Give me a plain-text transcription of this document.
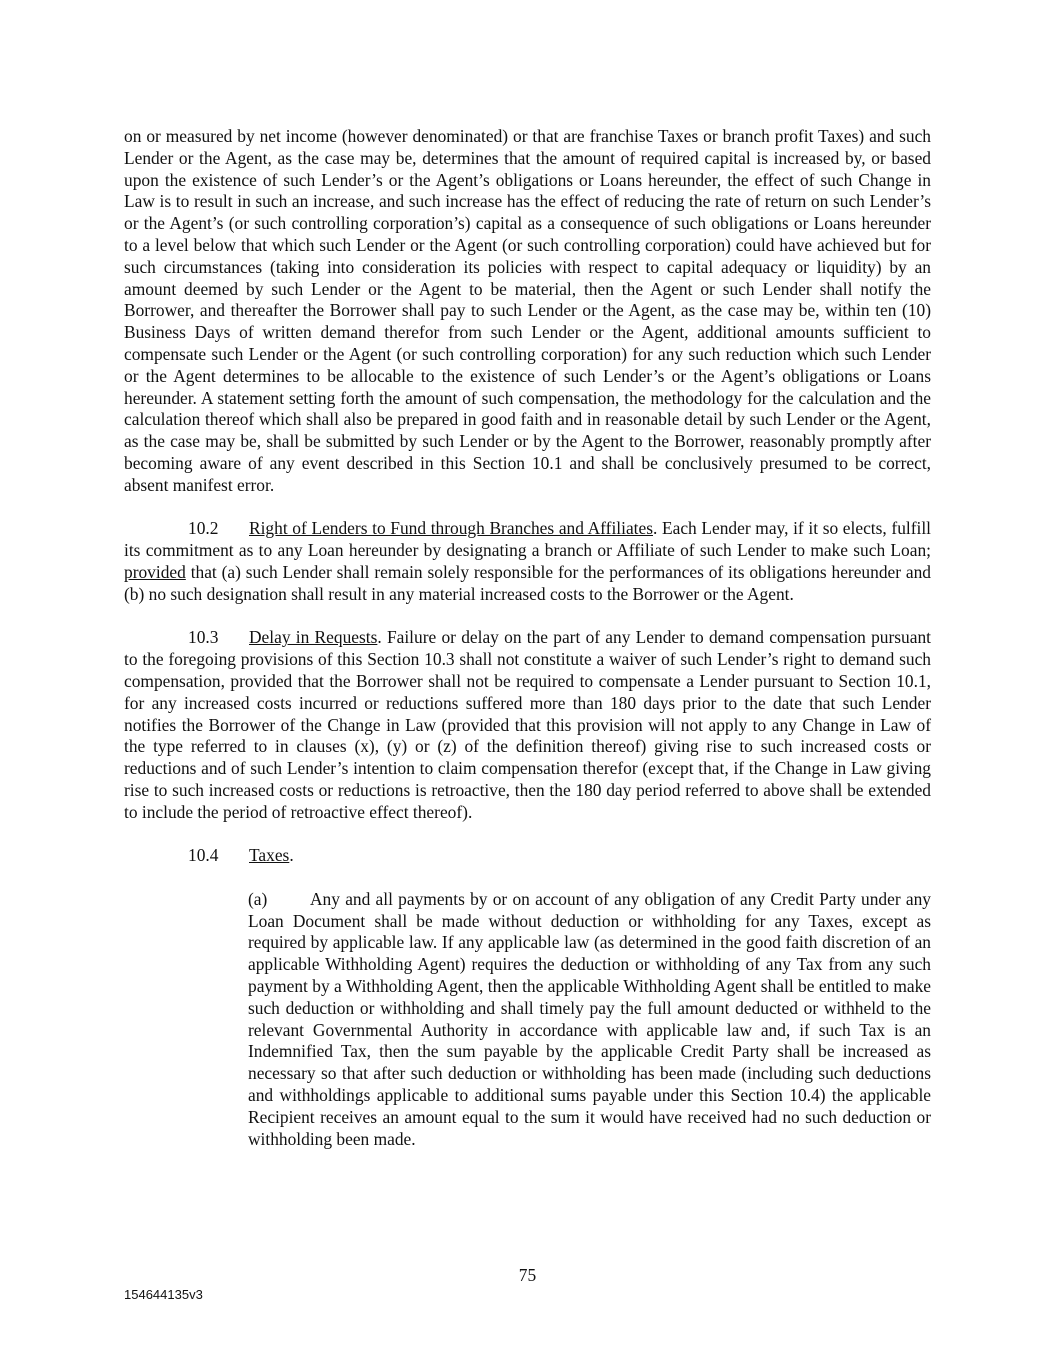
on or measured by net income (however denominated) or that are franchise Taxes or branch profit Taxes) and such Lender or the Agent, as the case may be, determines that the amount of required capital is increased by, or based upon the existence of such Lender’s or the Agent’s obligations or Loans hereunder, the effect of such Change in Law is to result in such an increase, and such increase has the effect of reducing the rate of return on such Lender’s or the Agent’s (or such controlling corporation’s) capital as a consequence of such obligations or Loans hereunder to a level below that which such Lender or the Agent (or such controlling corporation) could have achieved but for such circumstances (taking into consideration its policies with respect to capital adequacy or liquidity) by an amount deemed by such Lender or the Agent to be material, then the Agent or such Lender shall notify the Borrower, and thereafter the Borrower shall pay to such Lender or the Agent, as the case may be, within ten (10) Business Days of written demand therefor from such Lender or the Agent, additional amounts sufficient to compensate such Lender or the Agent (or such controlling corporation) for any such reduction which such Lender or the Agent determines to be allocable to the existence of such Lender’s or the Agent’s obligations or Loans hereunder. A statement setting forth the amount of such compensation, the methodology for the calculation and the calculation thereof which shall also be prepared in good faith and in reasonable detail by such Lender or the Agent, as the case may be, shall be submitted by such Lender or by the Agent to the Borrower, reasonably promptly after becoming aware of any event described in this Section 10.1 and shall be conclusively presumed to be correct, absent manifest error.

10.2 Right of Lenders to Fund through Branches and Affiliates. Each Lender may, if it so elects, fulfill its commitment as to any Loan hereunder by designating a branch or Affiliate of such Lender to make such Loan; provided that (a) such Lender shall remain solely responsible for the performances of its obligations hereunder and (b) no such designation shall result in any material increased costs to the Borrower or the Agent.

10.3 Delay in Requests. Failure or delay on the part of any Lender to demand compensation pursuant to the foregoing provisions of this Section 10.3 shall not constitute a waiver of such Lender’s right to demand such compensation, provided that the Borrower shall not be required to compensate a Lender pursuant to Section 10.1, for any increased costs incurred or reductions suffered more than 180 days prior to the date that such Lender notifies the Borrower of the Change in Law (provided that this provision will not apply to any Change in Law of the type referred to in clauses (x), (y) or (z) of the definition thereof) giving rise to such increased costs or reductions and of such Lender’s intention to claim compensation therefor (except that, if the Change in Law giving rise to such increased costs or reductions is retroactive, then the 180 day period referred to above shall be extended to include the period of retroactive effect thereof).

10.4 Taxes.

(a) Any and all payments by or on account of any obligation of any Credit Party under any Loan Document shall be made without deduction or withholding for any Taxes, except as required by applicable law. If any applicable law (as determined in the good faith discretion of an applicable Withholding Agent) requires the deduction or withholding of any Tax from any such payment by a Withholding Agent, then the applicable Withholding Agent shall be entitled to make such deduction or withholding and shall timely pay the full amount deducted or withheld to the relevant Governmental Authority in accordance with applicable law and, if such Tax is an Indemnified Tax, then the sum payable by the applicable Credit Party shall be increased as necessary so that after such deduction or withholding has been made (including such deductions and withholdings applicable to additional sums payable under this Section 10.4) the applicable Recipient receives an amount equal to the sum it would have received had no such deduction or withholding been made.

75
154644135v3
